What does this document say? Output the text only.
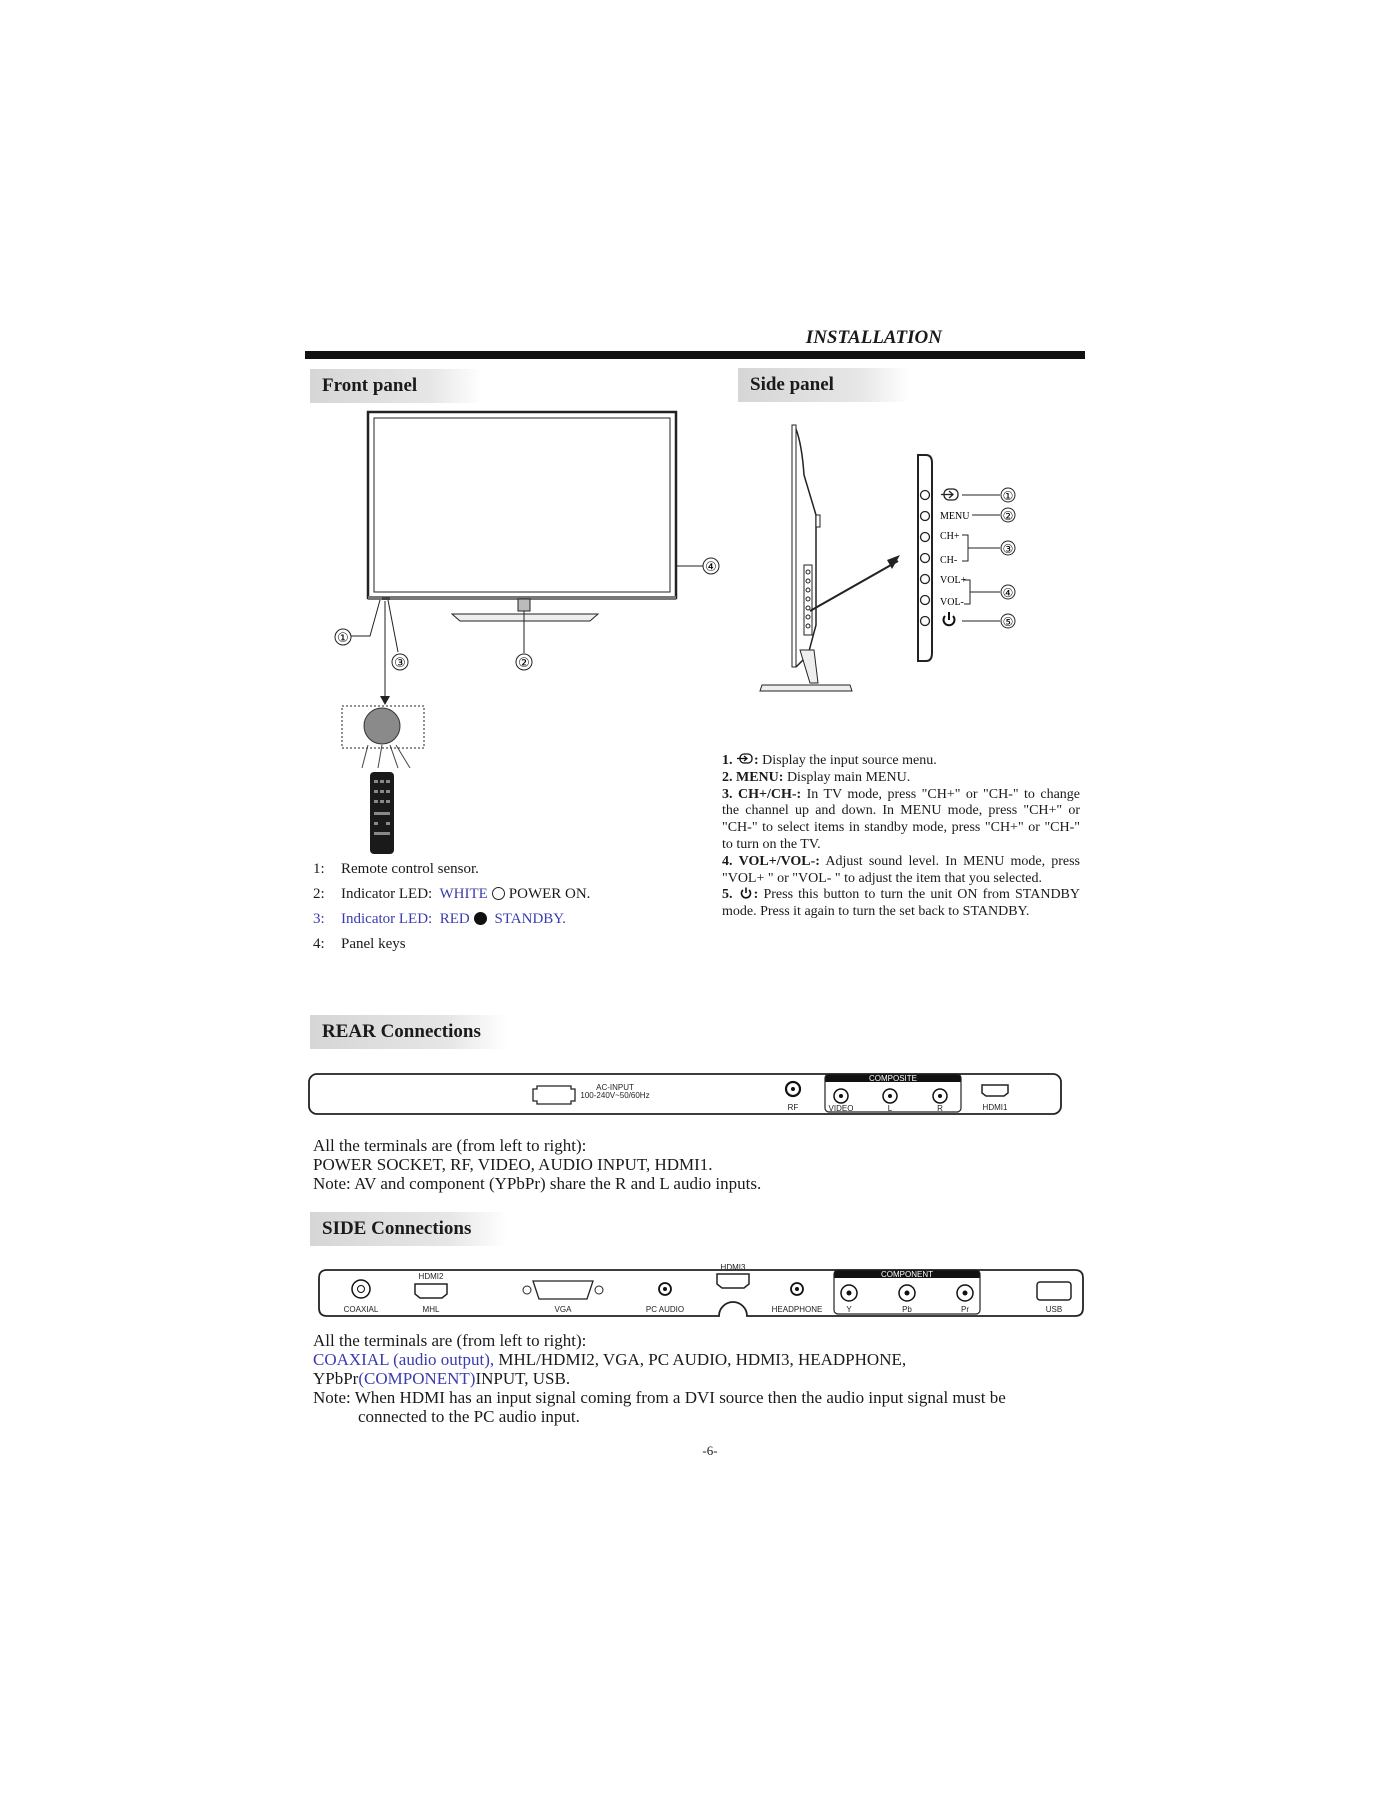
INSTALLATION
Front panel
④
①
③	②
1: Remote control sensor.
2: Indicator LED: WHITE POWER ON.
3: Indicator LED: RED STANDBY.
4: Panel keys
Side panel
①
MENU	②
CH+
CH-
③
VOL+
VOL-
④
⑤
1. : Display the input source menu.
2. MENU: Display main MENU.
3. CH+/CH-: In TV mode, press "CH+" or "CH-" to change the channel up and down. In MENU mode, press "CH+" or "CH-" to select items in standby mode, press "CH+" or "CH-" to turn on the TV.
4. VOL+/VOL-: Adjust sound level. In MENU mode, press "VOL+ " or "VOL- " to adjust the item that you selected.
5. : Press this button to turn the unit ON from STANDBY mode. Press it again to turn the set back to STANDBY.
REAR Connections
AC-INPUT
100-240V~50/60Hz
RF
COMPOSITE
VIDEO	L	R	HDMI1
All the terminals are (from left to right):
POWER SOCKET, RF, VIDEO, AUDIO INPUT, HDMI1.
Note: AV and component (YPbPr) share the R and L audio inputs.
SIDE Connections
COAXIAL
HDMI2
MHL	VGA	PC AUDIO
HDMI3
HEADPHONE
COMPONENT
Y	Pb	Pr	USB
All the terminals are (from left to right):
COAXIAL (audio output), MHL/HDMI2, VGA, PC AUDIO, HDMI3, HEADPHONE,
YPbPr(COMPONENT)INPUT, USB.
Note: When HDMI has an input signal coming from a DVI source then the audio input signal must be
connected to the PC audio input.
-6-
